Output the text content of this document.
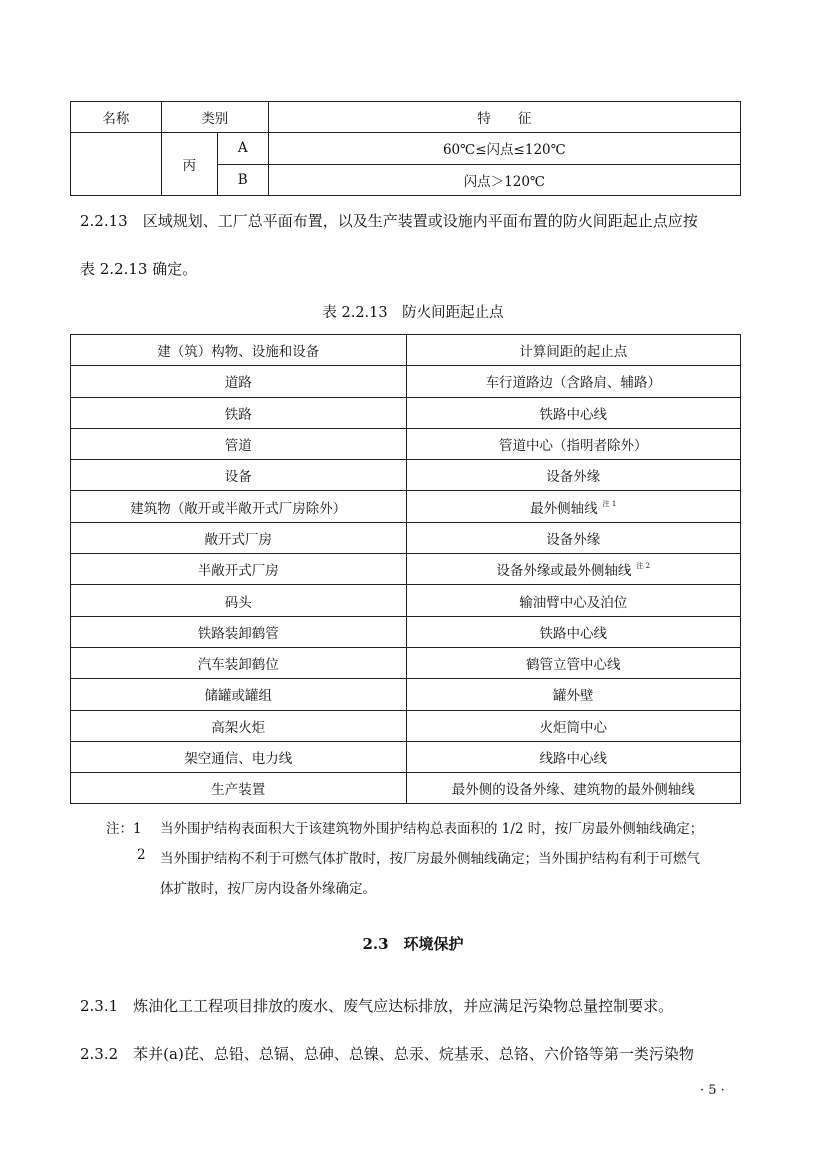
名称	类别		特　　征
	丙	A	60℃≤闪点≤120℃
		B	闪点＞120℃
2.2.13　区域规划、工厂总平面布置，以及生产装置或设施内平面布置的防火间距起止点应按
表 2.2.13 确定。
表 2.2.13　防火间距起止点
建（筑）构物、设施和设备	计算间距的起止点
道路	车行道路边（含路肩、辅路）
铁路	铁路中心线
管道	管道中心（指明者除外）
设备	设备外缘
建筑物（敞开或半敞开式厂房除外）	最外侧轴线 $^{注 1}$
敞开式厂房	设备外缘
半敞开式厂房	设备外缘或最外侧轴线 $^{注 2}$
码头	输油臂中心及泊位
铁路装卸鹤管	铁路中心线
汽车装卸鹤位	鹤管立管中心线
储罐或罐组	罐外壁
高架火炬	火炬筒中心
架空通信、电力线	线路中心线
生产装置	最外侧的设备外缘、建筑物的最外侧轴线
注：1 当外围护结构表面积大于该建筑物外围护结构总表面积的 1/2 时，按厂房最外侧轴线确定；
2 当外围护结构不利于可燃气体扩散时，按厂房最外侧轴线确定；当外围护结构有利于可燃气
体扩散时，按厂房内设备外缘确定。
2.3　环境保护
2.3.1　炼油化工工程项目排放的废水、废气应达标排放，并应满足污染物总量控制要求。
2.3.2　苯并(a)芘、总铅、总镉、总砷、总镍、总汞、烷基汞、总铬、六价铬等第一类污染物
· 5 ·
